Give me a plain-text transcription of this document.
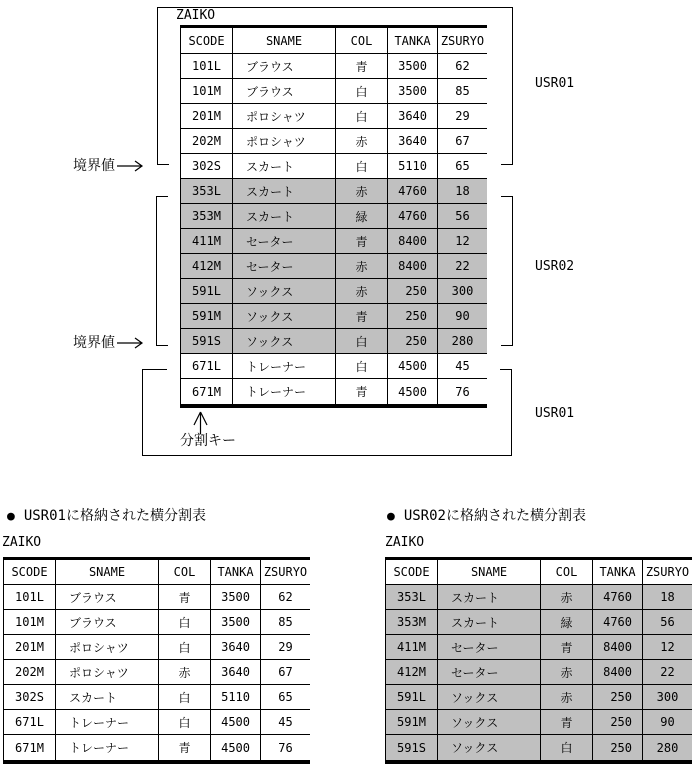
ZAIKO
SCODE	SNAME	COL	TANKA ZSURYO
101L	ブラウス	青	3500	62
101M	ブラウス	白	3500	85
201M	ポロシャツ	白	3640	29
202M	ポロシャツ	赤	3640	67
302S	スカート	白	5110	65
353L	スカート	赤	4760	18
353M	スカート	緑	4760	56
411M	セーター	青	8400	12
412M	セーター	赤	8400	22
591L	ソックス	赤	250	300
591M	ソックス	青	250	90
591S	ソックス	白	250	280
671L	トレーナー	白	4500	45
671M	トレーナー	青	4500	76
境界値
境界値
USR01
USR02
USR01
分割キー
● USR01に格納された横分割表
ZAIKO
SCODE	SNAME	COL	TANKA ZSURYO
101L	ブラウス	青	3500	62
101M	ブラウス	白	3500	85
201M	ポロシャツ	白	3640	29
202M	ポロシャツ	赤	3640	67
302S	スカート	白	5110	65
671L	トレーナー	白	4500	45
671M	トレーナー	青	4500	76
● USR02に格納された横分割表
ZAIKO
SCODE	SNAME	COL	TANKA ZSURYO
353L	スカート	赤	4760	18
353M	スカート	緑	4760	56
411M	セーター	青	8400	12
412M	セーター	赤	8400	22
591L	ソックス	赤	250	300
591M	ソックス	青	250	90
591S	ソックス	白	250	280
